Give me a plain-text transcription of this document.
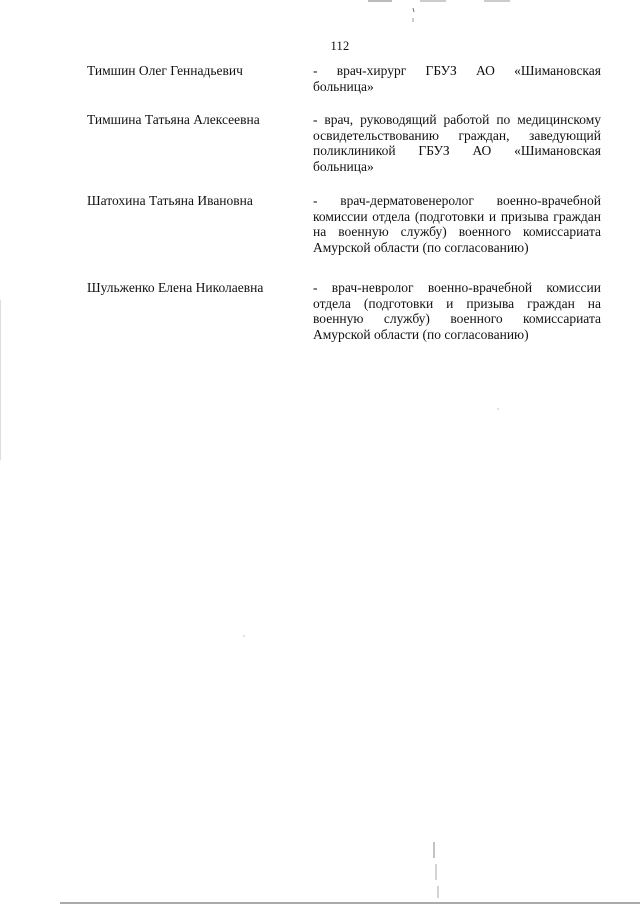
112
Тимшин Олег Геннадьевич	- врач-хирург ГБУЗ АО «Шимановская больница»
Тимшина Татьяна Алексеевна	- врач, руководящий работой по медицинскому освидетельствованию граждан, заведующий поликлиникой ГБУЗ АО «Шимановская больница»
Шатохина Татьяна Ивановна	- врач-дерматовенеролог военно-врачебной комиссии отдела (подготовки и призыва граждан на военную службу) военного комиссариата Амурской области (по согласованию)
Шульженко Елена Николаевна	- врач-невролог военно-врачебной комиссии отдела (подготовки и призыва граждан на военную службу) военного комиссариата Амурской области (по согласованию)
